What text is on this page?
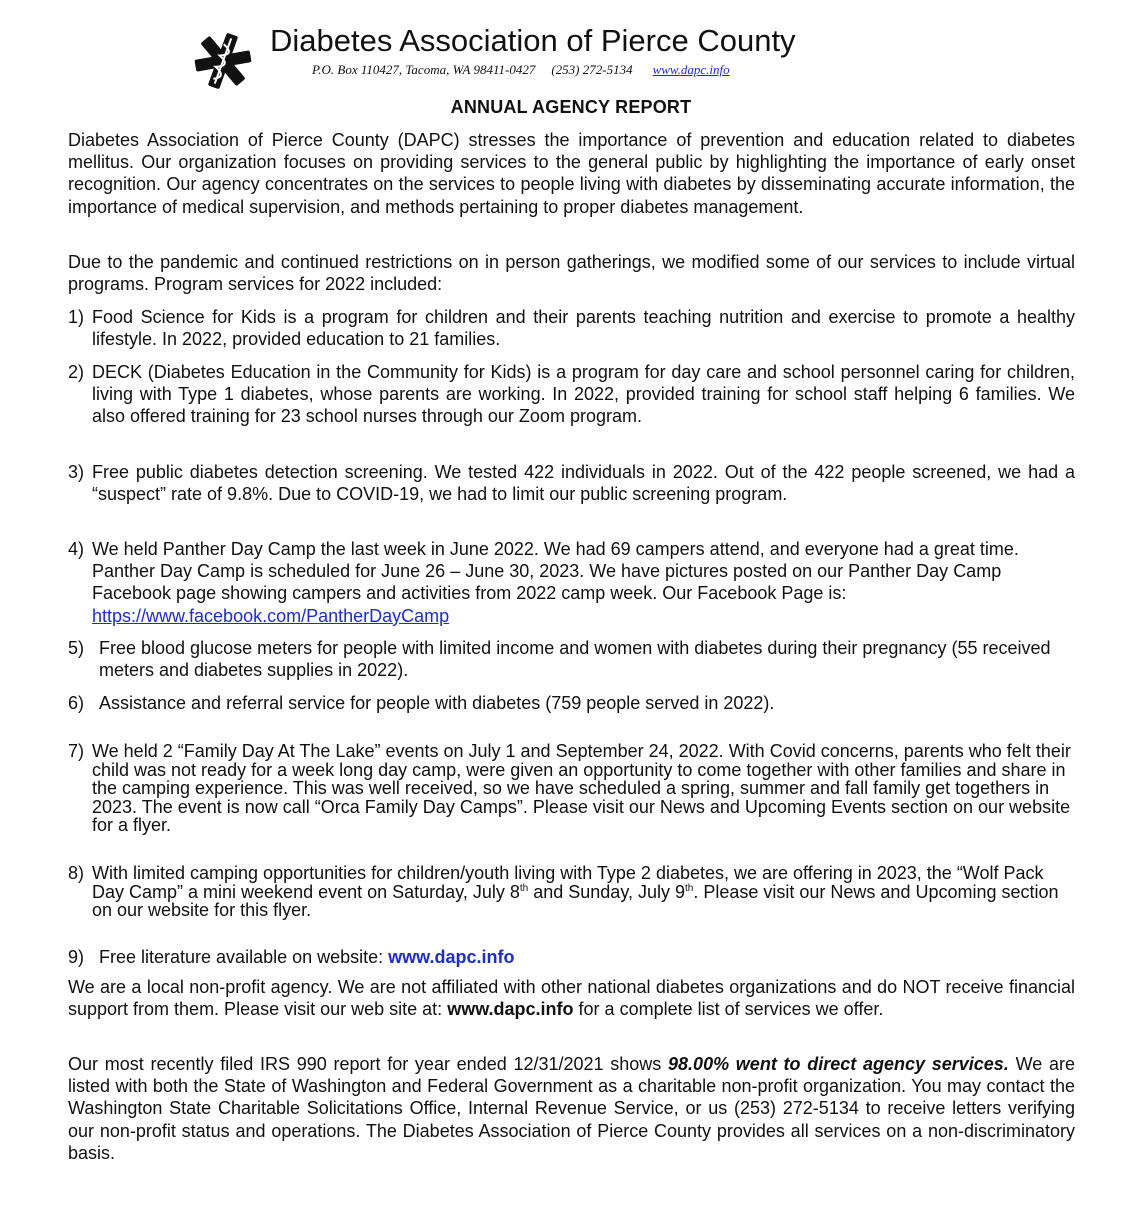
Diabetes Association of Pierce County
P.O. Box 110427, Tacoma, WA 98411-0427 (253) 272-5134 www.dapc.info
ANNUAL AGENCY REPORT

Diabetes Association of Pierce County (DAPC) stresses the importance of prevention and education related to diabetes mellitus. Our organization focuses on providing services to the general public by highlighting the importance of early onset recognition. Our agency concentrates on the services to people living with diabetes by disseminating accurate information, the importance of medical supervision, and methods pertaining to proper diabetes management.

Due to the pandemic and continued restrictions on in person gatherings, we modified some of our services to include virtual programs. Program services for 2022 included:

1) Food Science for Kids is a program for children and their parents teaching nutrition and exercise to promote a healthy lifestyle. In 2022, provided education to 21 families.
2) DECK (Diabetes Education in the Community for Kids) is a program for day care and school personnel caring for children, living with Type 1 diabetes, whose parents are working. In 2022, provided training for school staff helping 6 families. We also offered training for 23 school nurses through our Zoom program.
3) Free public diabetes detection screening. We tested 422 individuals in 2022. Out of the 422 people screened, we had a “suspect” rate of 9.8%. Due to COVID-19, we had to limit our public screening program.
4) We held Panther Day Camp the last week in June 2022. We had 69 campers attend, and everyone had a great time. Panther Day Camp is scheduled for June 26 – June 30, 2023. We have pictures posted on our Panther Day Camp Facebook page showing campers and activities from 2022 camp week. Our Facebook Page is: https://www.facebook.com/PantherDayCamp
5) Free blood glucose meters for people with limited income and women with diabetes during their pregnancy (55 received meters and diabetes supplies in 2022).
6) Assistance and referral service for people with diabetes (759 people served in 2022).
7) We held 2 “Family Day At The Lake” events on July 1 and September 24, 2022. With Covid concerns, parents who felt their child was not ready for a week long day camp, were given an opportunity to come together with other families and share in the camping experience. This was well received, so we have scheduled a spring, summer and fall family get togethers in 2023. The event is now call “Orca Family Day Camps”. Please visit our News and Upcoming Events section on our website for a flyer.
8) With limited camping opportunities for children/youth living with Type 2 diabetes, we are offering in 2023, the “Wolf Pack Day Camp” a mini weekend event on Saturday, July 8th and Sunday, July 9th. Please visit our News and Upcoming section on our website for this flyer.
9) Free literature available on website: www.dapc.info

We are a local non-profit agency. We are not affiliated with other national diabetes organizations and do NOT receive financial support from them. Please visit our web site at: www.dapc.info for a complete list of services we offer.

Our most recently filed IRS 990 report for year ended 12/31/2021 shows 98.00% went to direct agency services. We are listed with both the State of Washington and Federal Government as a charitable non-profit organization. You may contact the Washington State Charitable Solicitations Office, Internal Revenue Service, or us (253) 272-5134 to receive letters verifying our non-profit status and operations. The Diabetes Association of Pierce County provides all services on a non-discriminatory basis.
